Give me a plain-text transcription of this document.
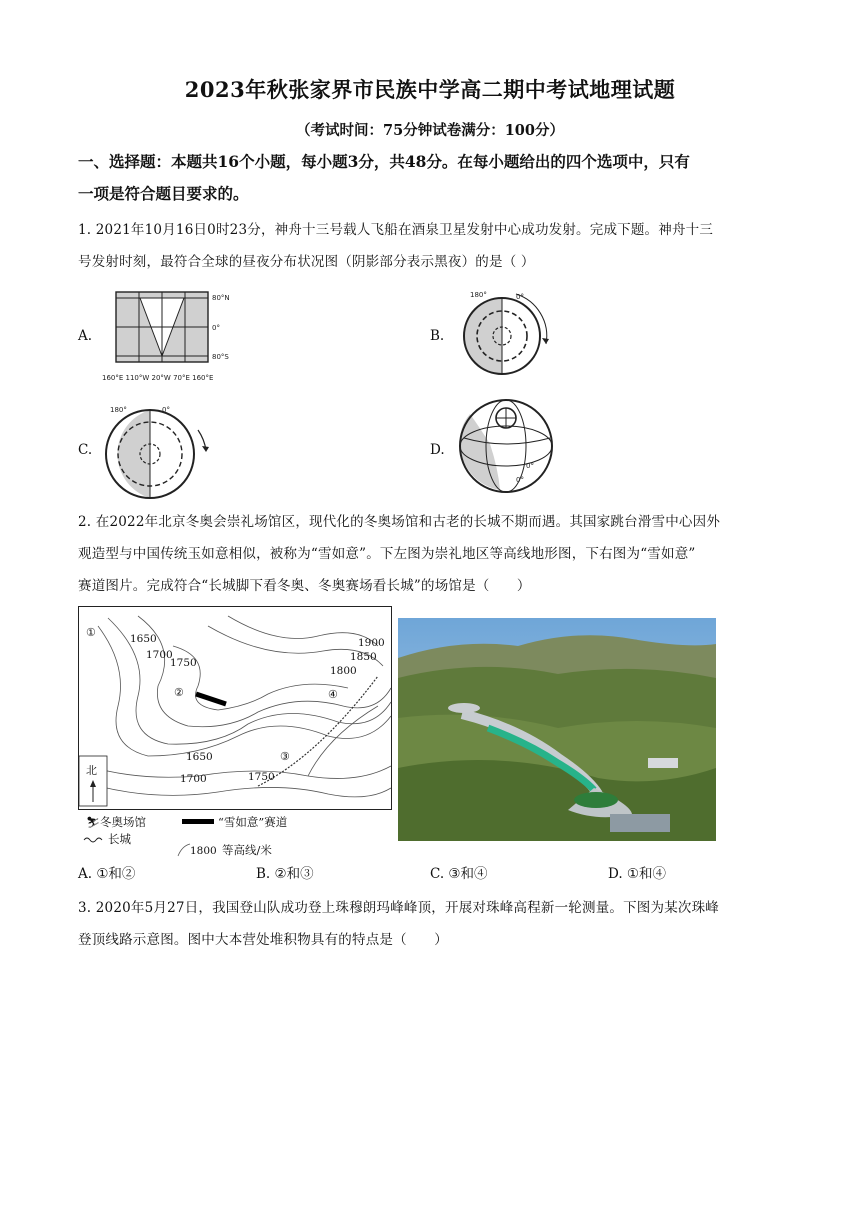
2023年秋张家界市民族中学高二期中考试地理试题
（考试时间：75分钟试卷满分：100分）
一、选择题：本题共16个小题，每小题3分，共48分。在每小题给出的四个选项中，只有
一项是符合题目要求的。
1. 2021年10月16日0时23分，神舟十三号载人飞船在酒泉卫星发射中心成功发射。完成下题。神舟十三
号发射时刻，最符合全球的昼夜分布状况图（阴影部分表示黑夜）的是（ ）
A.
80°N
0°
80°S
160°E 110°W 20°W 70°E 160°E
B.
180°	0°
C.
180°	0°
D.
0°
0°
2. 在2022年北京冬奥会崇礼场馆区，现代化的冬奥场馆和古老的长城不期而遇。其国家跳台滑雪中心因外
观造型与中国传统玉如意相似，被称为“雪如意”。下左图为崇礼地区等高线地形图，下右图为“雪如意”
赛道图片。完成符合“长城脚下看冬奥、冬奥赛场看长城”的场馆是（　　）
1650
1700
1750
1900
1850
1800
1650
1700	1750
①
②
③
④
北
⛷ 冬奥场馆	“雪如意”赛道
长城
1800 等高线/米
A. ①和②	B. ②和③	C. ③和④	D. ①和④
3. 2020年5月27日，我国登山队成功登上珠穆朗玛峰峰顶，开展对珠峰高程新一轮测量。下图为某次珠峰
登顶线路示意图。图中大本营处堆积物具有的特点是（　　）
